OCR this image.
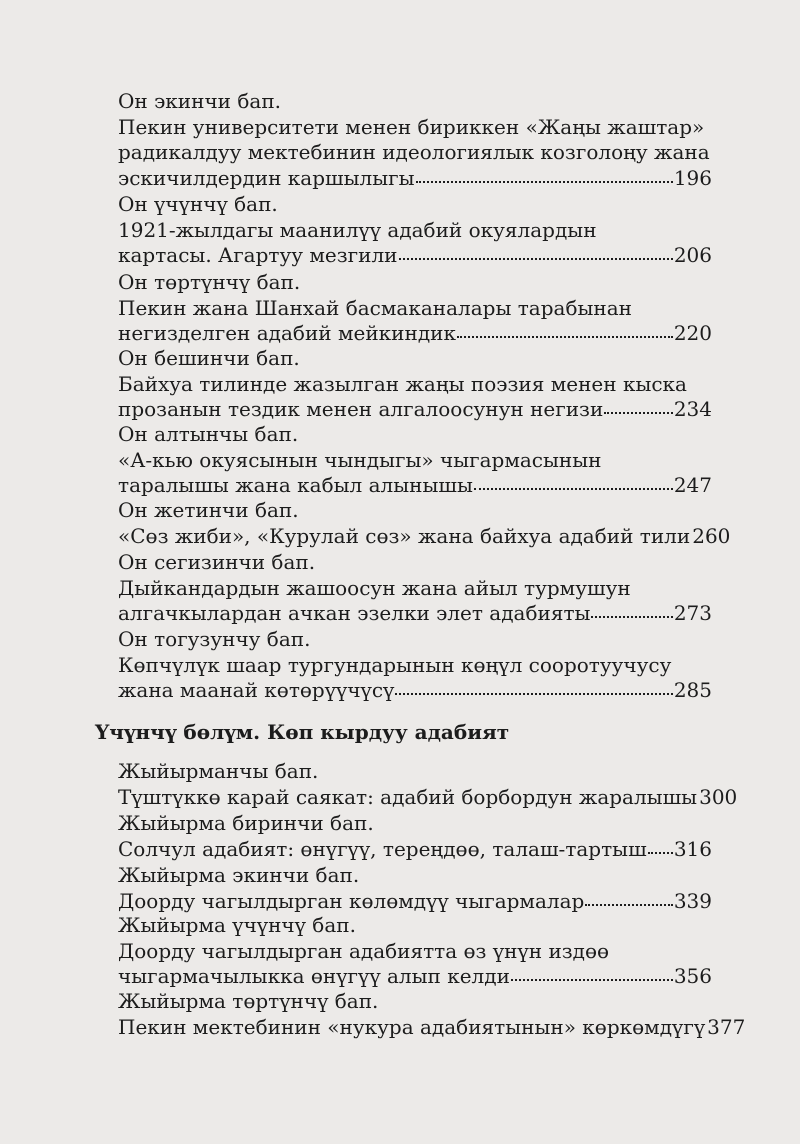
Он экинчи бап.
Пекин университети менен бириккен «Жаңы жаштар»
радикалдуу мектебинин идеологиялык козголоңу жана
эскичилдердин каршылыгы	196
Он үчүнчү бап.
1921-жылдагы маанилүү адабий окуялардын
картасы. Агартуу мезгили	206
Он төртүнчү бап.
Пекин жана Шанхай басмаканалары тарабынан
негизделген адабий мейкиндик	220
Он бешинчи бап.
Байхуа тилинде жазылган жаңы поэзия менен кыска
прозанын тездик менен алгалоосунун негизи	234
Он алтынчы бап.
«А-кью окуясынын чындыгы» чыгармасынын
таралышы жана кабыл алынышы	247
Он жетинчи бап.
«Сөз жиби», «Курулай сөз» жана байхуа адабий тили 260
Он сегизинчи бап.
Дыйкандардын жашоосун жана айыл турмушун
алгачкылардан ачкан эзелки элет адабияты	273
Он тогузунчу бап.
Көпчүлүк шаар тургундарынын көңүл сооротуучусу
жана маанай көтөрүүчүсү	285
Үчүнчү бөлүм. Көп кырдуу адабият
Жыйырманчы бап.
Түштүккө карай саякат: адабий борбордун жаралышы 300
Жыйырма биринчи бап.
Солчул адабият: өнүгүү, тереңдөө, талаш-тартыш 316
Жыйырма экинчи бап.
Доорду чагылдырган көлөмдүү чыгармалар	339
Жыйырма үчүнчү бап.
Доорду чагылдырган адабиятта өз үнүн издөө
чыгармачылыкка өнүгүү алып келди	356
Жыйырма төртүнчү бап.
Пекин мектебинин «нукура адабиятынын» көркөмдүгү 377
